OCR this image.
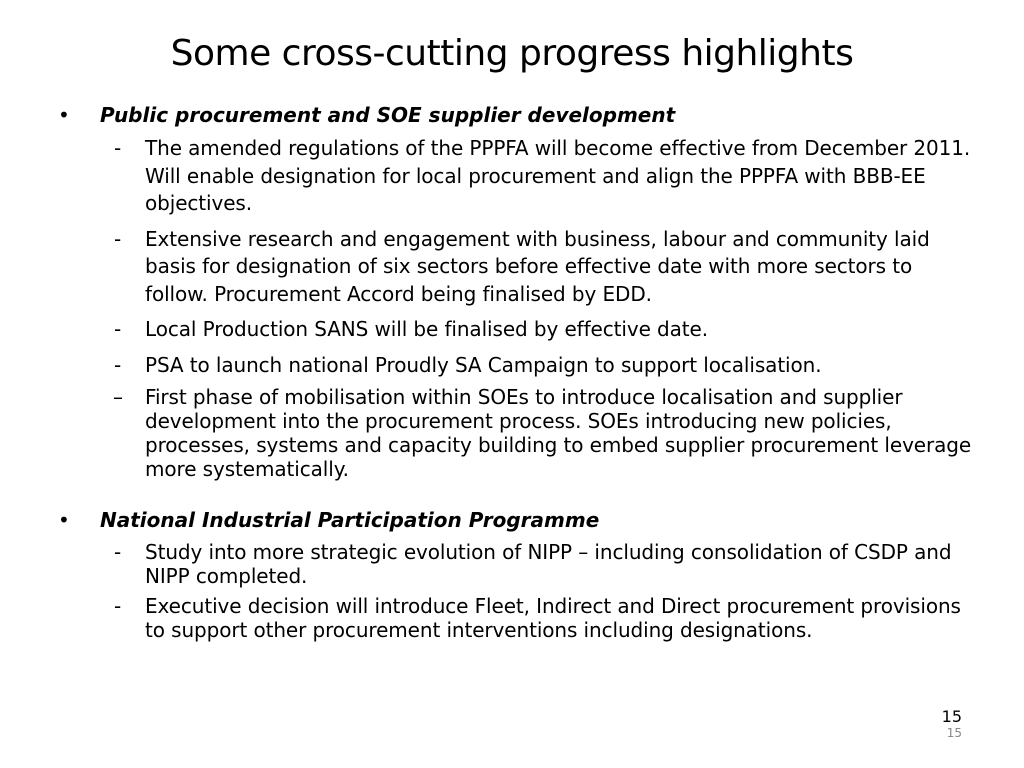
Some cross-cutting progress highlights
• Public procurement and SOE supplier development
- The amended regulations of the PPPFA will become effective from December 2011. Will enable designation for local procurement and align the PPPFA with BBB-EE objectives.
- Extensive research and engagement with business, labour and community laid basis for designation of six sectors before effective date with more sectors to follow. Procurement Accord being finalised by EDD.
- Local Production SANS will be finalised by effective date.
- PSA to launch national Proudly SA Campaign to support localisation.
– First phase of mobilisation within SOEs to introduce localisation and supplier development into the procurement process. SOEs introducing new policies, processes, systems and capacity building to embed supplier procurement leverage more systematically.
• National Industrial Participation Programme
- Study into more strategic evolution of NIPP – including consolidation of CSDP and NIPP completed.
- Executive decision will introduce Fleet, Indirect and Direct procurement provisions to support other procurement interventions including designations.
15
15
